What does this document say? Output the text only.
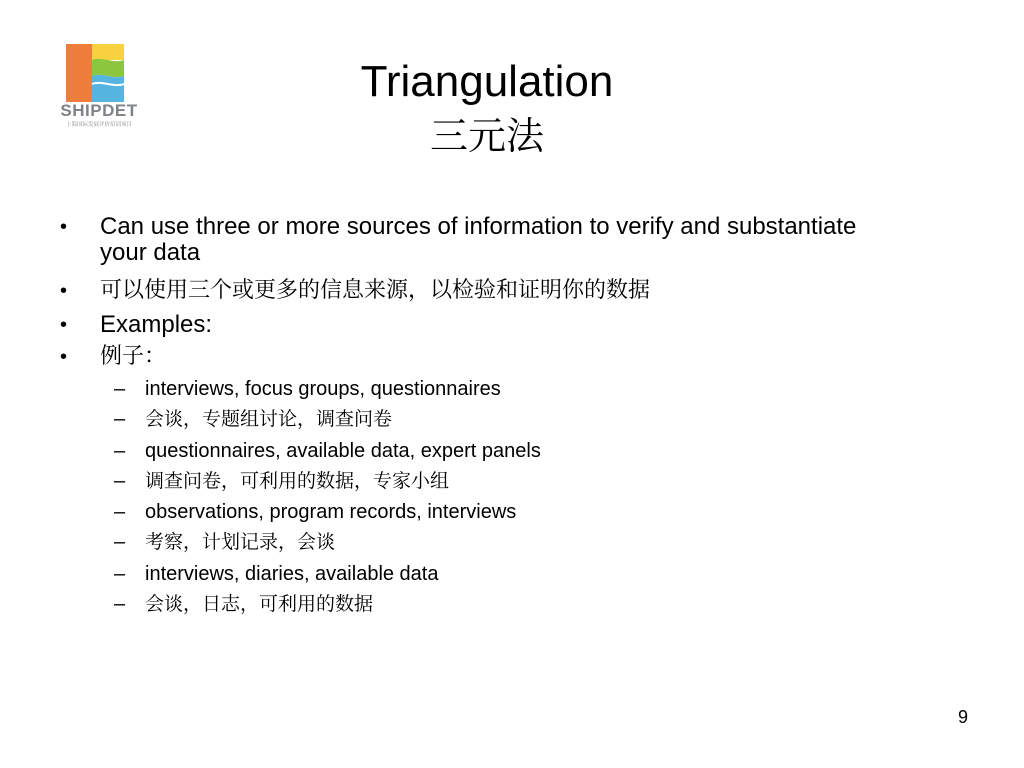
SHIPDET
上海国际发展评价培训项目
Triangulation
三元法
• Can use three or more sources of information to verify and substantiate your data
• 可以使用三个或更多的信息来源，以检验和证明你的数据
• Examples:
• 例子：
– interviews, focus groups, questionnaires
– 会谈，专题组讨论，调查问卷
– questionnaires, available data, expert panels
– 调查问卷，可利用的数据，专家小组
– observations, program records, interviews
– 考察，计划记录，会谈
– interviews, diaries, available data
– 会谈，日志，可利用的数据
9
